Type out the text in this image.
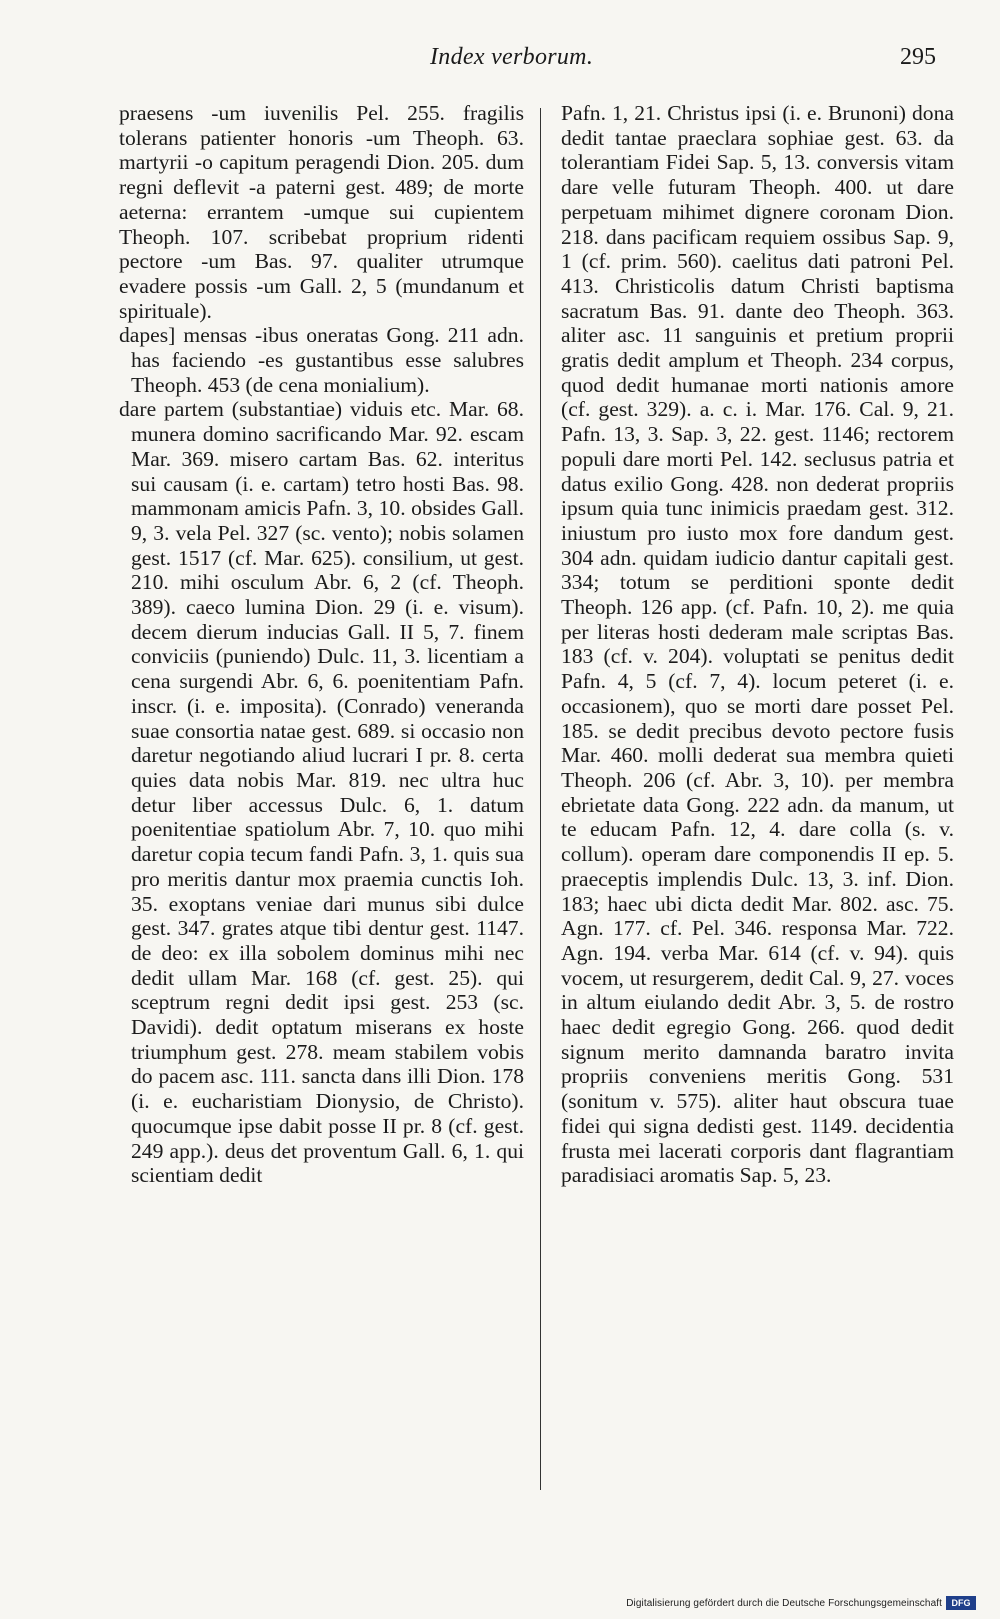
Index verborum.	295

praesens -um iuvenilis Pel. 255. fragilis tolerans patienter honoris -um Theoph. 63. martyrii -o capitum peragendi Dion. 205. dum regni deflevit -a paterni gest. 489; de morte aeterna: errantem -umque sui cupientem Theoph. 107. scribebat proprium ridenti pectore -um Bas. 97. qualiter utrumque evadere possis -um Gall. 2, 5 (mundanum et spirituale).

dapes] mensas -ibus oneratas Gong. 211 adn. has faciendo -es gustantibus esse salubres Theoph. 453 (de cena monialium).

dare partem (substantiae) viduis etc. Mar. 68. munera domino sacrificando Mar. 92. escam Mar. 369. misero cartam Bas. 62. interitus sui causam (i. e. cartam) tetro hosti Bas. 98. mammonam amicis Pafn. 3, 10. obsides Gall. 9, 3. vela Pel. 327 (sc. vento); nobis solamen gest. 1517 (cf. Mar. 625). consilium, ut gest. 210. mihi osculum Abr. 6, 2 (cf. Theoph. 389). caeco lumina Dion. 29 (i. e. visum). decem dierum inducias Gall. II 5, 7. finem conviciis (puniendo) Dulc. 11, 3. licentiam a cena surgendi Abr. 6, 6. poenitentiam Pafn. inscr. (i. e. imposita). (Conrado) veneranda suae consortia natae gest. 689. si occasio non daretur negotiando aliud lucrari I pr. 8. certa quies data nobis Mar. 819. nec ultra huc detur liber accessus Dulc. 6, 1. datum poenitentiae spatiolum Abr. 7, 10. quo mihi daretur copia tecum fandi Pafn. 3, 1. quis sua pro meritis dantur mox praemia cunctis Ioh. 35. exoptans veniae dari munus sibi dulce gest. 347. grates atque tibi dentur gest. 1147. de deo: ex illa sobolem dominus mihi nec dedit ullam Mar. 168 (cf. gest. 25). qui sceptrum regni dedit ipsi gest. 253 (sc. Davidi). dedit optatum miserans ex hoste triumphum gest. 278. meam stabilem vobis do pacem asc. 111. sancta dans illi Dion. 178 (i. e. eucharistiam Dionysio, de Christo). quocumque ipse dabit posse II pr. 8 (cf. gest. 249 app.). deus det proventum Gall. 6, 1. qui scientiam dedit

Pafn. 1, 21. Christus ipsi (i. e. Brunoni) dona dedit tantae praeclara sophiae gest. 63. da tolerantiam Fidei Sap. 5, 13. conversis vitam dare velle futuram Theoph. 400. ut dare perpetuam mihimet dignere coronam Dion. 218. dans pacificam requiem ossibus Sap. 9, 1 (cf. prim. 560). caelitus dati patroni Pel. 413. Christicolis datum Christi baptisma sacratum Bas. 91. dante deo Theoph. 363. aliter asc. 11 sanguinis et pretium proprii gratis dedit amplum et Theoph. 234 corpus, quod dedit humanae morti nationis amore (cf. gest. 329). a. c. i. Mar. 176. Cal. 9, 21. Pafn. 13, 3. Sap. 3, 22. gest. 1146; rectorem populi dare morti Pel. 142. seclusus patria et datus exilio Gong. 428. non dederat propriis ipsum quia tunc inimicis praedam gest. 312. iniustum pro iusto mox fore dandum gest. 304 adn. quidam iudicio dantur capitali gest. 334; totum se perditioni sponte dedit Theoph. 126 app. (cf. Pafn. 10, 2). me quia per literas hosti dederam male scriptas Bas. 183 (cf. v. 204). voluptati se penitus dedit Pafn. 4, 5 (cf. 7, 4). locum peteret (i. e. occasionem), quo se morti dare posset Pel. 185. se dedit precibus devoto pectore fusis Mar. 460. molli dederat sua membra quieti Theoph. 206 (cf. Abr. 3, 10). per membra ebrietate data Gong. 222 adn. da manum, ut te educam Pafn. 12, 4. dare colla (s. v. collum). operam dare componendis II ep. 5. praeceptis implendis Dulc. 13, 3. inf. Dion. 183; haec ubi dicta dedit Mar. 802. asc. 75. Agn. 177. cf. Pel. 346. responsa Mar. 722. Agn. 194. verba Mar. 614 (cf. v. 94). quis vocem, ut resurgerem, dedit Cal. 9, 27. voces in altum eiulando dedit Abr. 3, 5. de rostro haec dedit egregio Gong. 266. quod dedit signum merito damnanda baratro invita propriis conveniens meritis Gong. 531 (sonitum v. 575). aliter haut obscura tuae fidei qui signa dedisti gest. 1149. decidentia frusta mei lacerati corporis dant flagrantiam paradisiaci aromatis Sap. 5, 23.

Digitalisierung gefördert durch die Deutsche Forschungsgemeinschaft	DFG
